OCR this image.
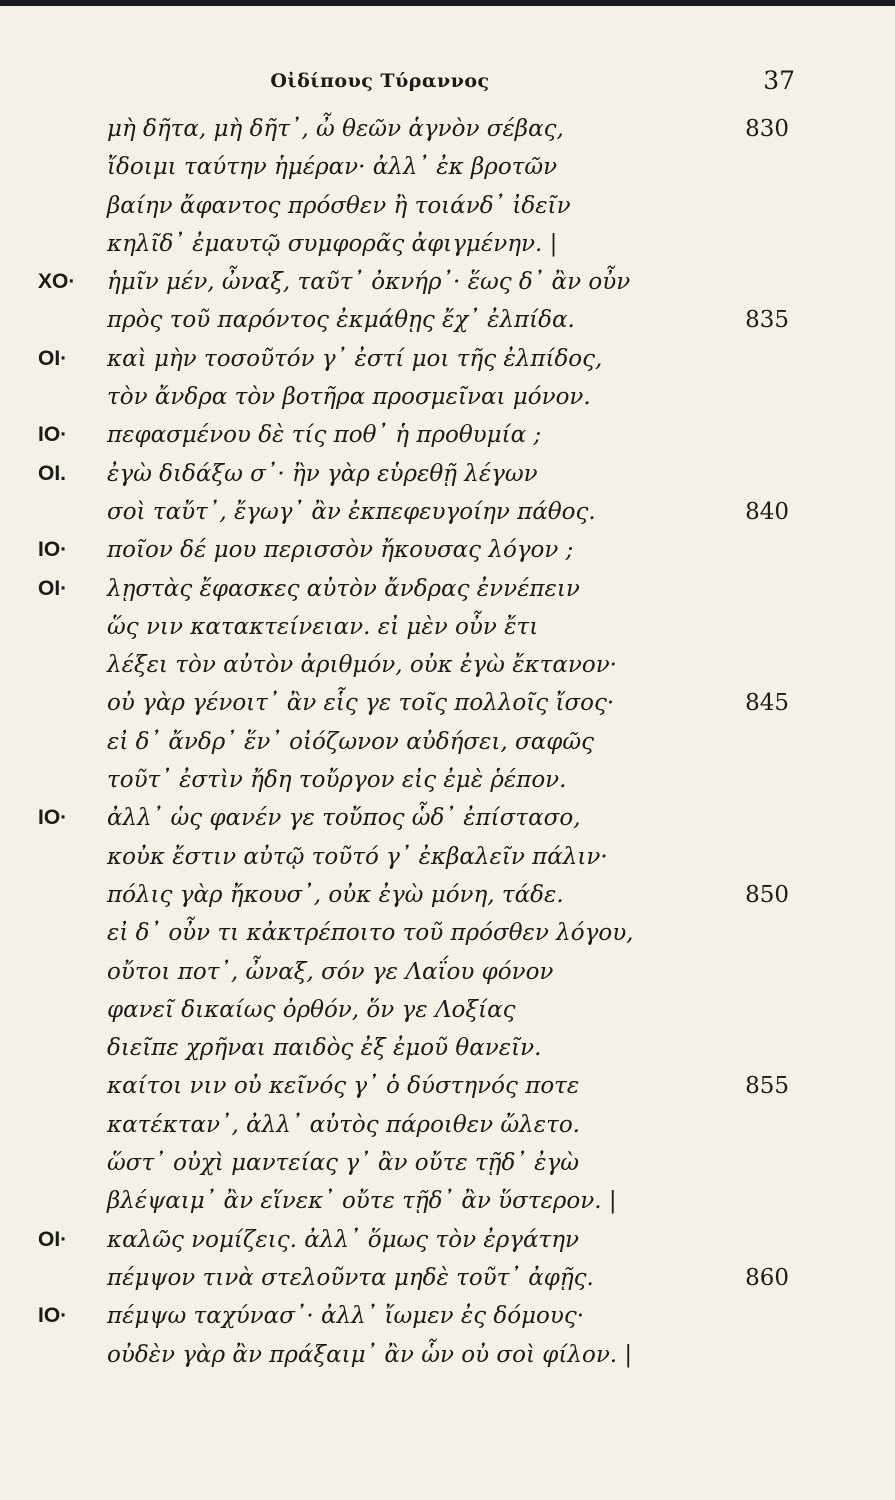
Οἰδίπους Τύραννος	37
μὴ δῆτα, μὴ δῆτ᾽, ὦ θεῶν ἁγνὸν σέβας,	830
ἴδοιμι ταύτην ἡμέραν· ἀλλ᾽ ἐκ βροτῶν
βαίην ἄφαντος πρόσθεν ἢ τοιάνδ᾽ ἰδεῖν
κηλῖδ᾽ ἐμαυτῷ συμφορᾶς ἀφιγμένην. |
ΧΟ· ἡμῖν μέν, ὦναξ, ταῦτ᾽ ὀκνήρ᾽· ἕως δ᾽ ἂν οὖν
πρὸς τοῦ παρόντος ἐκμάθῃς ἔχ᾽ ἐλπίδα.	835
ΟΙ· καὶ μὴν τοσοῦτόν γ᾽ ἐστί μοι τῆς ἐλπίδος,
τὸν ἄνδρα τὸν βοτῆρα προσμεῖναι μόνον.
ΙΟ· πεφασμένου δὲ τίς ποθ᾽ ἡ προθυμία ;
ΟΙ. ἐγὼ διδάξω σ᾽· ἢν γὰρ εὑρεθῇ λέγων
σοὶ ταὔτ᾽, ἔγωγ᾽ ἂν ἐκπεφευγοίην πάθος.	840
ΙΟ· ποῖον δέ μου περισσὸν ἤκουσας λόγον ;
ΟΙ· λῃστὰς ἔφασκες αὐτὸν ἄνδρας ἐννέπειν
ὥς νιν κατακτείνειαν. εἰ μὲν οὖν ἔτι
λέξει τὸν αὐτὸν ἀριθμόν, οὐκ ἐγὼ ἔκτανον·
οὐ γὰρ γένοιτ᾽ ἂν εἷς γε τοῖς πολλοῖς ἴσος·	845
εἰ δ᾽ ἄνδρ᾽ ἕν᾽ οἰόζωνον αὐδήσει, σαφῶς
τοῦτ᾽ ἐστὶν ἤδη τοὔργον εἰς ἐμὲ ῥέπον.
ΙΟ· ἀλλ᾽ ὡς φανέν γε τοὔπος ὧδ᾽ ἐπίστασο,
κοὐκ ἔστιν αὐτῷ τοῦτό γ᾽ ἐκβαλεῖν πάλιν·
πόλις γὰρ ἤκουσ᾽, οὐκ ἐγὼ μόνη, τάδε.	850
εἰ δ᾽ οὖν τι κἀκτρέποιτο τοῦ πρόσθεν λόγου,
οὔτοι ποτ᾽, ὦναξ, σόν γε Λαΐου φόνον
φανεῖ δικαίως ὀρθόν, ὅν γε Λοξίας
διεῖπε χρῆναι παιδὸς ἐξ ἐμοῦ θανεῖν.
καίτοι νιν οὐ κεῖνός γ᾽ ὁ δύστηνός ποτε	855
κατέκταν᾽, ἀλλ᾽ αὐτὸς πάροιθεν ὤλετο.
ὥστ᾽ οὐχὶ μαντείας γ᾽ ἂν οὔτε τῇδ᾽ ἐγὼ
βλέψαιμ᾽ ἂν εἵνεκ᾽ οὔτε τῇδ᾽ ἂν ὕστερον. |
ΟΙ· καλῶς νομίζεις. ἀλλ᾽ ὅμως τὸν ἐργάτην
πέμψον τινὰ στελοῦντα μηδὲ τοῦτ᾽ ἀφῇς.	860
ΙΟ· πέμψω ταχύνασ᾽· ἀλλ᾽ ἴωμεν ἐς δόμους·
οὐδὲν γὰρ ἂν πράξαιμ᾽ ἂν ὧν οὐ σοὶ φίλον. |
